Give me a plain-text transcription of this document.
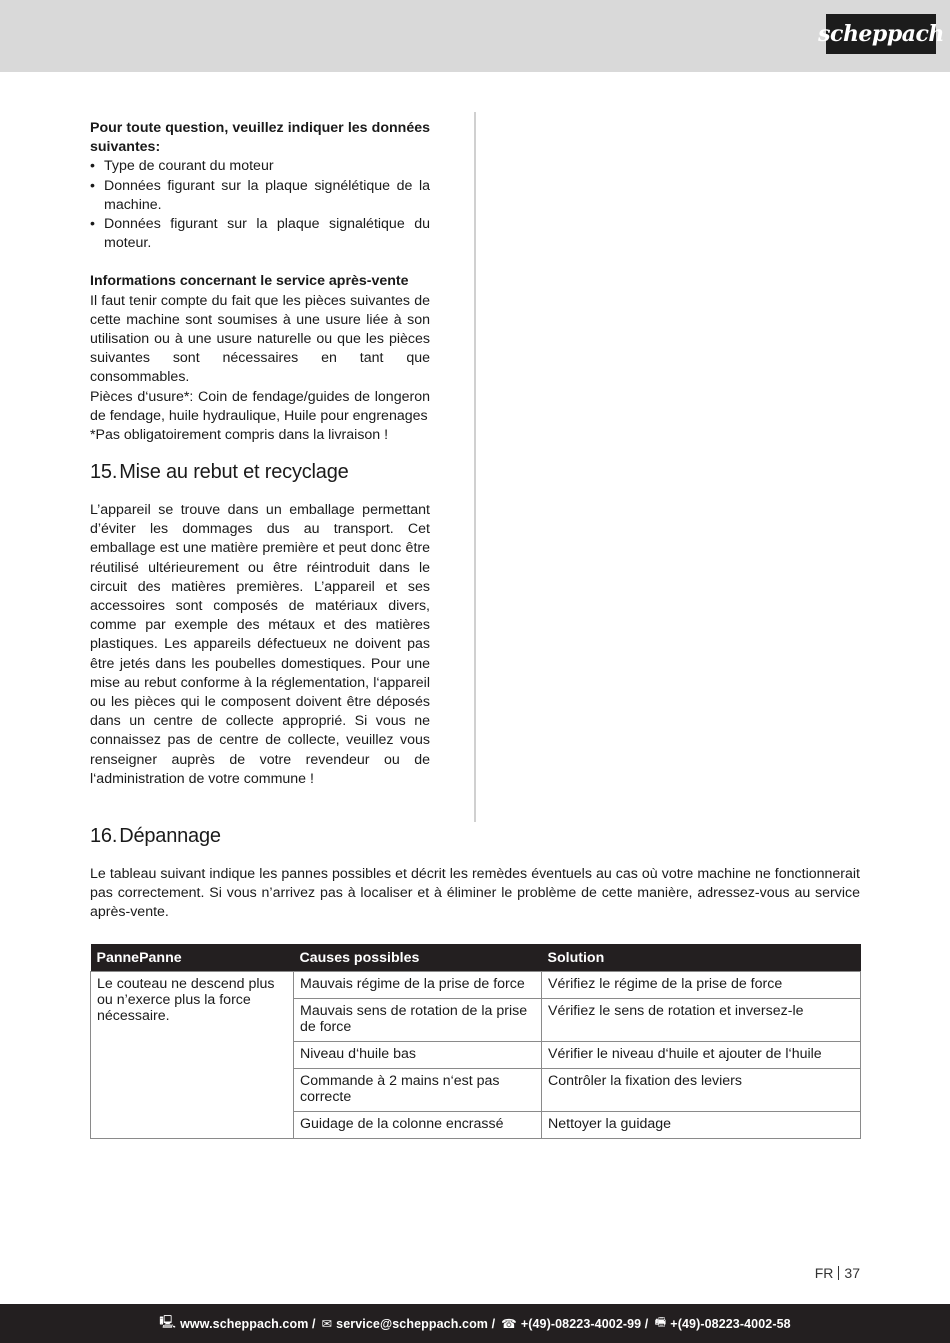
scheppach

Pour toute question, veuillez indiquer les données suivantes:

• Type de courant du moteur
• Données figurant sur la plaque signélétique de la machine.
• Données figurant sur la plaque signalétique du moteur.

Informations concernant le service après-vente

Il faut tenir compte du fait que les pièces suivantes de cette machine sont soumises à une usure liée à son utilisation ou à une usure naturelle ou que les pièces suivantes sont nécessaires en tant que consommables.

Pièces d‘usure*: Coin de fendage/guides de longeron de fendage, huile hydraulique, Huile pour engrenages

*Pas obligatoirement compris dans la livraison !

15. Mise au rebut et recyclage

L’appareil se trouve dans un emballage permettant d’éviter les dommages dus au transport. Cet emballage est une matière première et peut donc être réutilisé ultérieurement ou être réintroduit dans le circuit des matières premières. L’appareil et ses accessoires sont composés de matériaux divers, comme par exemple des métaux et des matières plastiques. Les appareils défectueux ne doivent pas être jetés dans les poubelles domestiques. Pour une mise au rebut conforme à la réglementation, l‘appareil ou les pièces qui le composent doivent être déposés dans un centre de collecte approprié. Si vous ne connaissez pas de centre de collecte, veuillez vous renseigner auprès de votre revendeur ou de l‘administration de votre commune !

16. Dépannage

Le tableau suivant indique les pannes possibles et décrit les remèdes éventuels au cas où votre machine ne fonctionnerait pas correctement. Si vous n’arrivez pas à localiser et à éliminer le problème de cette manière, adressez-vous au service après-vente.

PannePanne	Causes possibles	Solution
Le couteau ne descend plus ou n’exerce plus la force nécessaire.	Mauvais régime de la prise de force	Vérifiez le régime de la prise de force
	Mauvais sens de rotation de la prise de force	Vérifiez le sens de rotation et inversez-le
	Niveau d‘huile bas	Vérifier le niveau d‘huile et ajouter de l‘huile
	Commande à 2 mains n‘est pas correcte	Contrôler la fixation des leviers
	Guidage de la colonne encrassé	Nettoyer la guidage
FR 37
🖳 www.scheppach.com / ✉ service@scheppach.com / ☎ +(49)-08223-4002-99 / 🖷 +(49)-08223-4002-58
